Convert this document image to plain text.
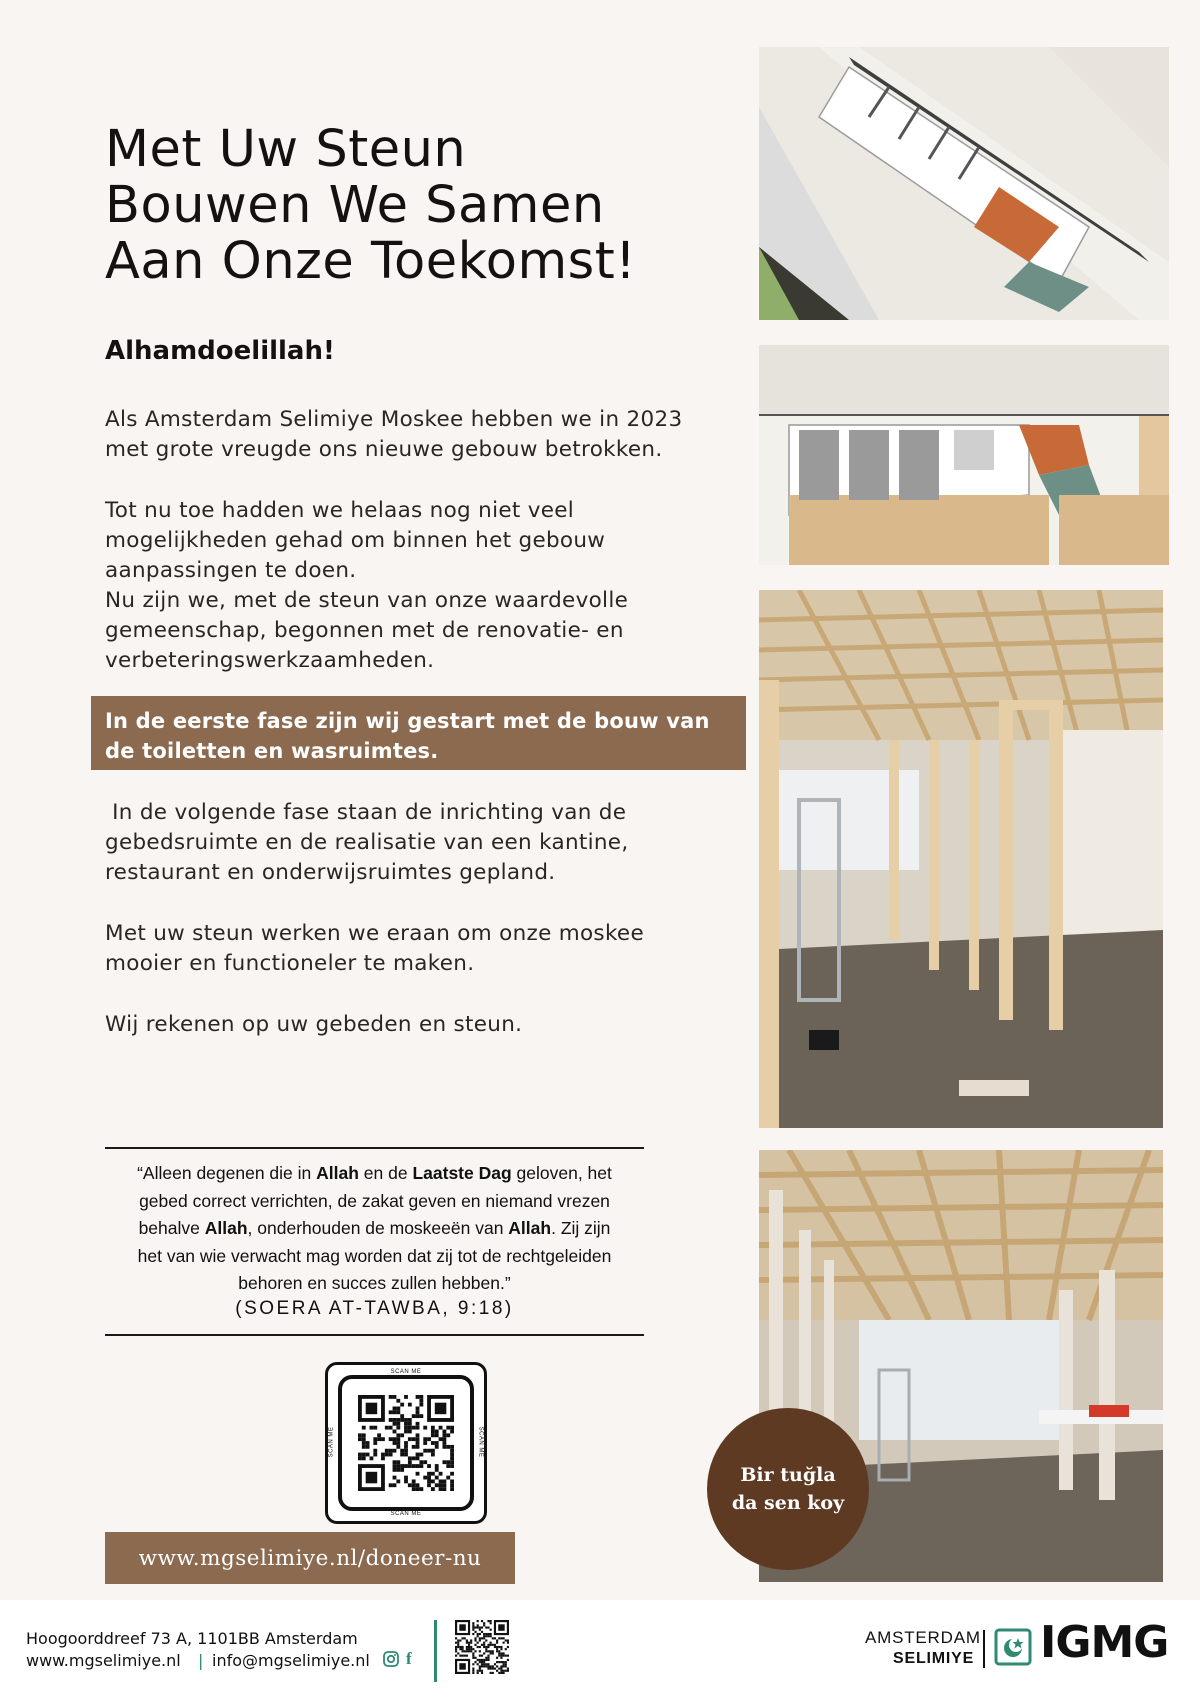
Met Uw Steun
Bouwen We Samen
Aan Onze Toekomst!
Alhamdoelillah!
Als Amsterdam Selimiye Moskee hebben we in 2023
met grote vreugde ons nieuwe gebouw betrokken.
Tot nu toe hadden we helaas nog niet veel
mogelijkheden gehad om binnen het gebouw
aanpassingen te doen.
Nu zijn we, met de steun van onze waardevolle
gemeenschap, begonnen met de renovatie- en
verbeteringswerkzaamheden.
In de eerste fase zijn wij gestart met de bouw van
de toiletten en wasruimtes.
In de volgende fase staan de inrichting van de
gebedsruimte en de realisatie van een kantine,
restaurant en onderwijsruimtes gepland.
Met uw steun werken we eraan om onze moskee
mooier en functioneler te maken.
Wij rekenen op uw gebeden en steun.
“Alleen degenen die in Allah en de Laatste Dag geloven, het
gebed correct verrichten, de zakat geven en niemand vrezen
behalve Allah, onderhouden de moskeeën van Allah. Zij zijn
het van wie verwacht mag worden dat zij tot de rechtgeleiden
behoren en succes zullen hebben.”
(SOERA AT-TAWBA, 9:18)
SCAN ME
SCAN ME
SCAN ME	SCAN ME
www.mgselimiye.nl/doneer-nu
Bir tuğla
da sen koy
Hoogoorddreef 73 A, 1101BB Amsterdam
www.mgselimiye.nl | info@mgselimiye.nl f
AMSTERDAM
SELIMIYE IGMG
